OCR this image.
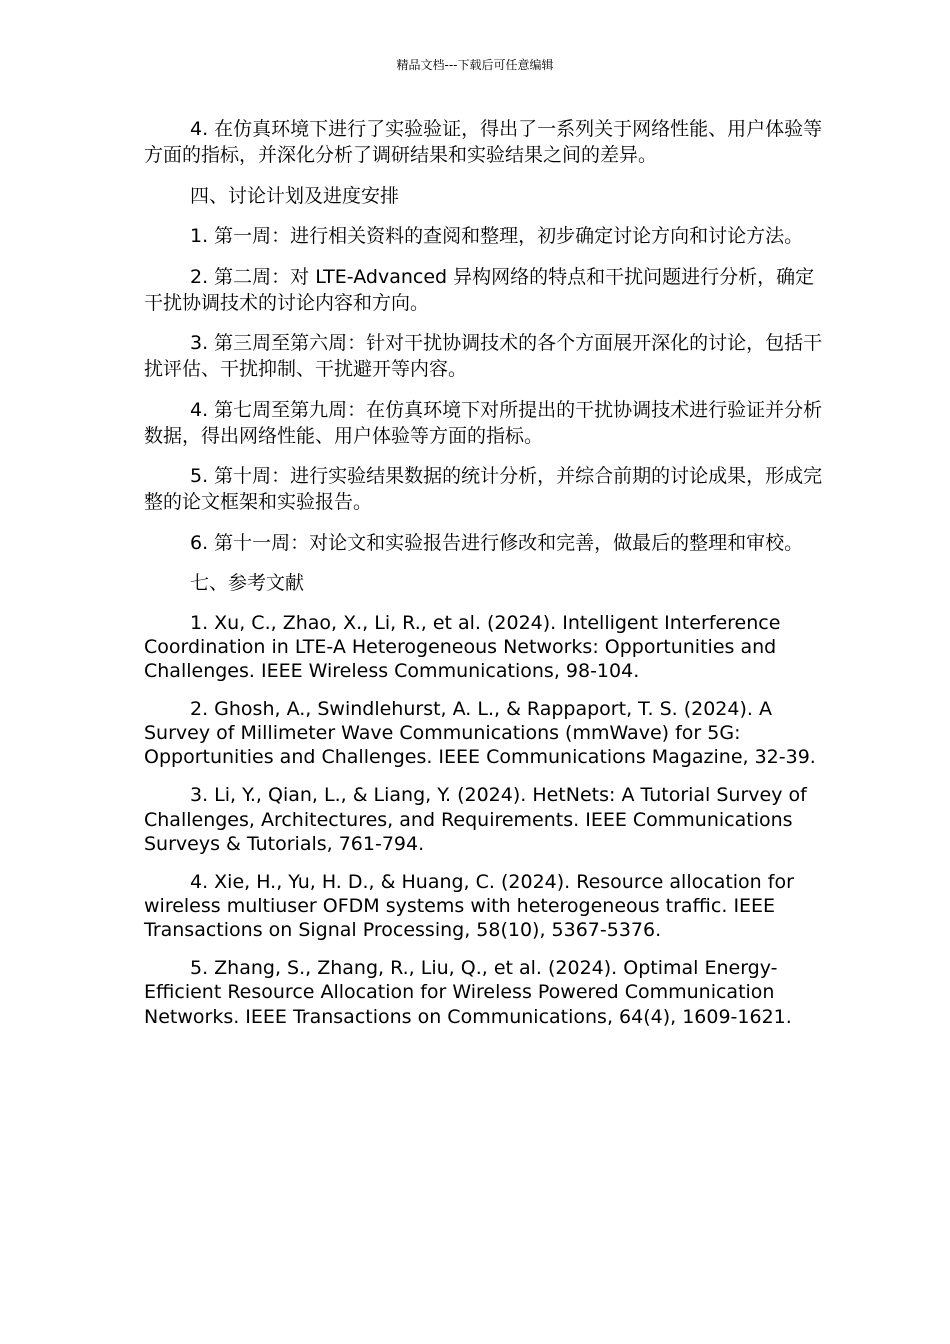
精品文档---下载后可任意编辑

4. 在仿真环境下进行了实验验证，得出了一系列关于网络性能、用户体验等方面的指标，并深化分析了调研结果和实验结果之间的差异。

四、讨论计划及进度安排

1. 第一周：进行相关资料的查阅和整理，初步确定讨论方向和讨论方法。

2. 第二周：对 LTE-Advanced 异构网络的特点和干扰问题进行分析，确定干扰协调技术的讨论内容和方向。

3. 第三周至第六周：针对干扰协调技术的各个方面展开深化的讨论，包括干扰评估、干扰抑制、干扰避开等内容。

4. 第七周至第九周：在仿真环境下对所提出的干扰协调技术进行验证并分析数据，得出网络性能、用户体验等方面的指标。

5. 第十周：进行实验结果数据的统计分析，并综合前期的讨论成果，形成完整的论文框架和实验报告。

6. 第十一周：对论文和实验报告进行修改和完善，做最后的整理和审校。

七、参考文献

1. Xu, C., Zhao, X., Li, R., et al. (2024). Intelligent Interference Coordination in LTE-A Heterogeneous Networks: Opportunities and Challenges. IEEE Wireless Communications, 98-104.

2. Ghosh, A., Swindlehurst, A. L., & Rappaport, T. S. (2024). A Survey of Millimeter Wave Communications (mmWave) for 5G: Opportunities and Challenges. IEEE Communications Magazine, 32-39.

3. Li, Y., Qian, L., & Liang, Y. (2024). HetNets: A Tutorial Survey of Challenges, Architectures, and Requirements. IEEE Communications Surveys & Tutorials, 761-794.

4. Xie, H., Yu, H. D., & Huang, C. (2024). Resource allocation for wireless multiuser OFDM systems with heterogeneous traffic. IEEE Transactions on Signal Processing, 58(10), 5367-5376.

5. Zhang, S., Zhang, R., Liu, Q., et al. (2024). Optimal Energy-Efficient Resource Allocation for Wireless Powered Communication Networks. IEEE Transactions on Communications, 64(4), 1609-1621.
